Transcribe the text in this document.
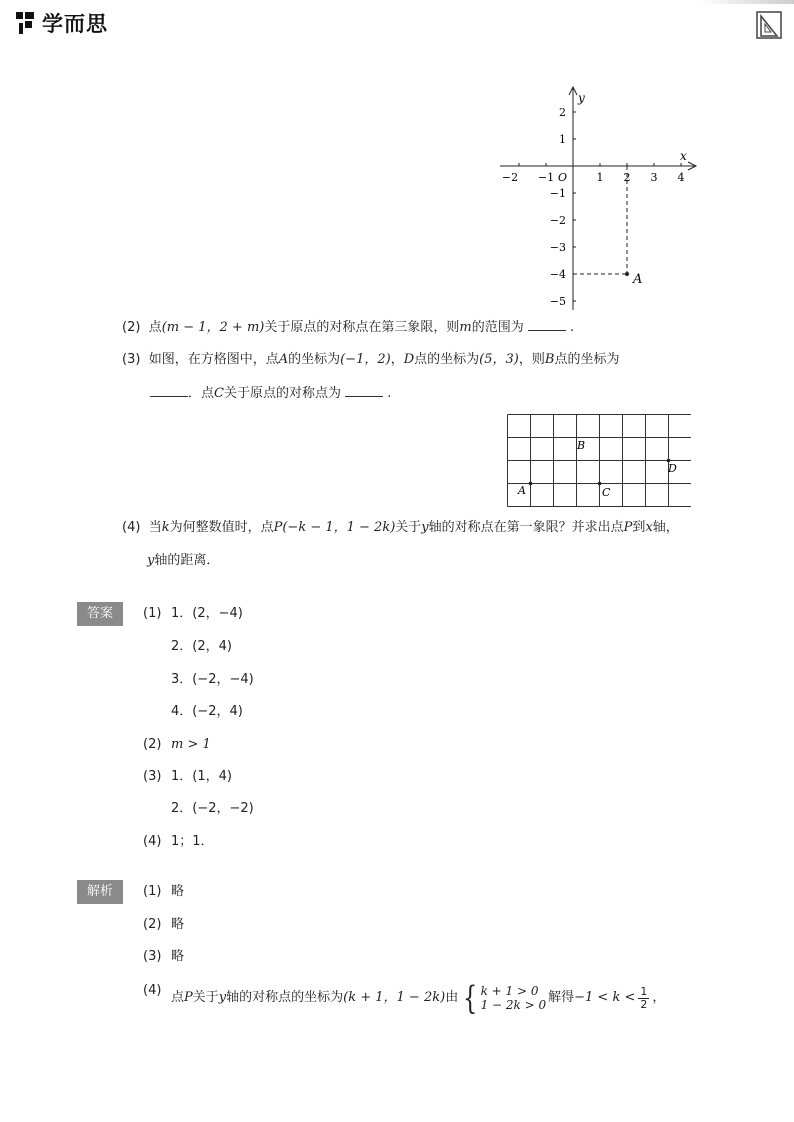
学而思
A
x
y
O
−2 −1	1 2 3 4
2
1
−1
−2
−3
−4
−5
(2) 点(m − 1，2 + m)关于原点的对称点在第三象限，则m的范围为	.
(3) 如图，在方格图中，点A的坐标为(−1，2)，D点的坐标为(5，3)，则B点的坐标为
．点C关于原点的对称点为	.
A
B
C
D
(4) 当k为何整数值时，点P(−k − 1，1 − 2k)关于y轴的对称点在第一象限？并求出点P到x轴，
y轴的距离．
答案	(1) 1．(2，−4)
2．(2，4)
3．(−2，−4)
4．(−2，4)
(2) m > 1
(3) 1．(1，4)
2．(−2，−2)
(4) 1；1．
解析	(1) 略
(2) 略
(3) 略
(4) 点 P 关于 y 轴的对称点的坐标为 (k + 1，1 − 2k) 由 { k + 1 > 0
1 − 2k > 0 解得 $-1 < k < \frac{1}{2}$ ，
